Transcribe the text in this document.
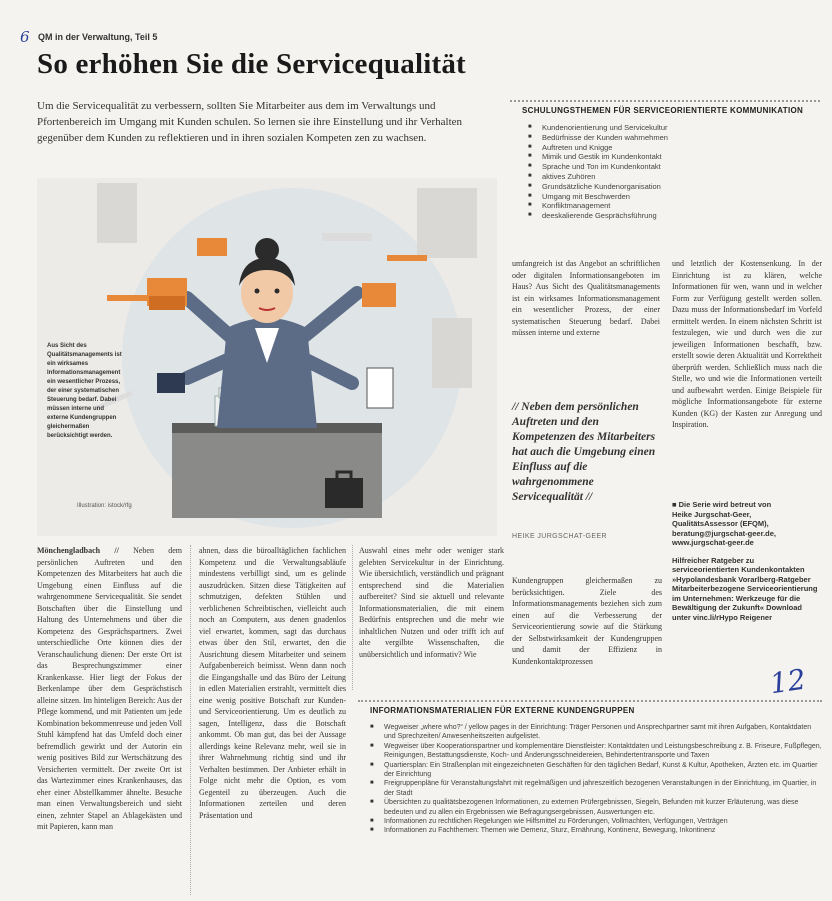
6 QM in der Verwaltung, Teil 5
So erhöhen Sie die Servicequalität

Um die Servicequalität zu verbessern, sollten Sie Mitarbeiter aus dem im Verwaltungs und Pfortenbereich im Umgang mit Kunden schulen. So lernen sie ihre Einstellung und ihr Verhalten gegenüber dem Kunden zu reflektieren und in ihren sozialen Kompeten zen zu wachsen.

Aus Sicht des Qualitätsmanagements ist ein wirksames Informationsmanagement ein wesentlicher Prozess, der einer systematischen Steuerung bedarf. Dabei müssen interne und externe Kundengruppen gleichermaßen berücksichtigt werden.
Illustration: istock/rfg
SCHULUNGSTHEMEN FÜR SERVICEORIENTIERTE KOMMUNIKATION
■ Kundenorientierung und Servicekultur
■ Bedürfnisse der Kunden wahrnehmen
■ Auftreten und Knigge
■ Mimik und Gestik im Kundenkontakt
■ Sprache und Ton im Kundenkontakt
■ aktives Zuhören
■ Grundsätzliche Kundenorganisation
■ Umgang mit Beschwerden
■ Konfliktmanagement
■ deeskalierende Gesprächsführung
umfangreich ist das Angebot an schriftlichen oder digitalen Informationsangeboten im Haus? Aus Sicht des Qualitätsmanagements ist ein wirksames Informationsmanagement ein wesentlicher Prozess, der einer systematischen Steuerung bedarf. Dabei müssen interne und externe
und letztlich der Kostensenkung. In der Einrichtung ist zu klären, welche Informationen für wen, wann und in welcher Form zur Verfügung gestellt werden sollen. Dazu muss der Informationsbedarf im Vorfeld ermittelt werden. In einem nächsten Schritt ist festzulegen, wie und durch wen die zur jeweiligen Informationen beschafft, bzw. erstellt sowie deren Aktualität und Korrektheit überprüft werden. Schließlich muss nach die Stelle, wo und wie die Informationen verteilt und aufbewahrt werden. Einige Beispiele für mögliche Informationsangebote für externe Kunden (KG) der Kasten zur Anregung und Inspiration.
// Neben dem persönlichen Auftreten und den Kompetenzen des Mitarbeiters hat auch die Umgebung einen Einfluss auf die wahrgenommene Servicequalität //
HEIKE JURGSCHAT-GEER
■ Die Serie wird betreut von
Heike Jurgschat-Geer,
QualitätsAssessor (EFQM),
beratung@jurgschat-geer.de,
www.jurgschat-geer.de
Hilfreicher Ratgeber zu serviceorientierten Kundenkontakten »Hypolandesbank Vorarlberg-Ratgeber Mitarbeiterbezogene Serviceorientierung im Unternehmen: Werkzeuge für die Bewältigung der Zukunft« Download unter vinc.li/rHypo Reigener
Mönchengladbach // Neben dem persönlichen Auftreten und den Kompetenzen des Mitarbeiters hat auch die Umgebung einen Einfluss auf die wahrgenommene Servicequalität. Sie sendet Botschaften über die Einstellung und Haltung des Unternehmens und über die Kompetenz des Gesprächspartners. Zwei unterschiedliche Orte können dies der Veranschaulichung dienen: Der erste Ort ist das Besprechungszimmer einer Krankenkasse. Hier liegt der Fokus der Berkenlampe über dem Gesprächstisch alleine sitzen. Im hinteligen Bereich: Aus der Pflege kommend, und mit Patienten um jede Kombination bekommenreuse und jeden Voll Stuhl kämpfend hat das Umfeld doch einer befremdlich gewirkt und der Autorin ein wenig positives Bild zur Wertschätzung des Versicherten vermittelt. Der zweite Ort ist das Wartezimmer eines Krankenhauses, das eher einer Abstellkammer ähnelte. Besuche man einen Verwaltungsbereich und sieht einen, zehnter Stapel an Ablagekästen und mit Papieren, kann man
ahnen, dass die büroalltäglichen fachlichen Kompetenz und die Verwaltungsabläufe mindestens verbilligt sind, um es gelinde auszudrücken. Sitzen diese Tätigkeiten auf schmutzigen, defekten Stühlen und verblichenen Schreibtischen, vielleicht auch noch an Computern, aus denen gnadenlos viel erwartet, kommen, sagt das durchaus etwas über den Stil, erwartet, den die Ausrichtung diesem Mitarbeiter und seinem Aufgabenbereich beimisst. Wenn dann noch die Eingangshalle und das Büro der Leitung in edlen Materialien erstrahlt, vermittelt dies eine wenig positive Botschaft zur Kunden- und Serviceorientierung. Um es deutlich zu sagen, Intelligenz, dass die Botschaft ankommt. Ob man gut, das bei der Aussage allerdings keine Relevanz mehr, weil sie in ihrer Wahrnehmung richtig sind und ihr Verhalten bestimmen. Der Anbieter erhält in Folge nicht mehr die Option, es vom Gegenteil zu überzeugen. Auch die Informationen zerteilen und deren Präsentation und
Auswahl eines mehr oder weniger stark gelebten Servicekultur in der Einrichtung. Wie übersichtlich, verständlich und prägnant entsprechend sind die Materialien aufbereitet? Sind sie aktuell und relevante Informationsmaterialien, die mit einem Bedürfnis entsprechen und die mehr wie inhaltlichen Nutzen und oder trifft ich auf alte vergilbte Wissenschaften, die unübersichtlich und informativ? Wie
Kundengruppen gleichermaßen zu berücksichtigen. Ziele des Informationsmanagements beziehen sich zum einen auf die Verbesserung der Serviceorientierung sowie auf die Stärkung der Selbstwirksamkeit der Kundengruppen und damit der Effizienz in Kundenkontaktprozessen
12
INFORMATIONSMATERIALIEN FÜR EXTERNE KUNDENGRUPPEN
■ Wegweiser „where who?“ / yellow pages in der Einrichtung: Träger Personen und Ansprechpartner samt mit ihren Aufgaben, Kontaktdaten und Sprechzeiten/ Anwesenheitszeiten aufgelistet.
■ Wegweiser über Kooperationspartner und komplementäre Dienstleister: Kontaktdaten und Leistungsbeschreibung z. B. Friseure, Fußpflegen, Reinigungen, Bestattungsdienste, Koch- und Änderungsschneidereien, Behindertentransporte und Taxen
■ Quartiersplan: Ein Straßenplan mit eingezeichneten Geschäften für den täglichen Bedarf, Kunst & Kultur, Apotheken, Ärzten etc. im Quartier der Einrichtung
■ Freigruppenpläne für Veranstaltungsfahrt mit regelmäßigen und jahreszeitlich bezogenen Veranstaltungen in der Einrichtung, im Quartier, in der Stadt
■ Übersichten zu qualitätsbezogenen Informationen, zu externen Prüfergebnissen, Siegeln, Befunden mit kurzer Erläuterung, was diese bedeuten und zu allen ein Ergebnissen wie Befragungsergebnissen, Auswertungen etc.
■ Informationen zu rechtlichen Regelungen wie Hilfsmittel zu Förderungen, Vollmachten, Verfügungen, Verträgen
■ Informationen zu Fachthemen: Themen wie Demenz, Sturz, Ernährung, Kontinenz, Bewegung, Inkontinenz
